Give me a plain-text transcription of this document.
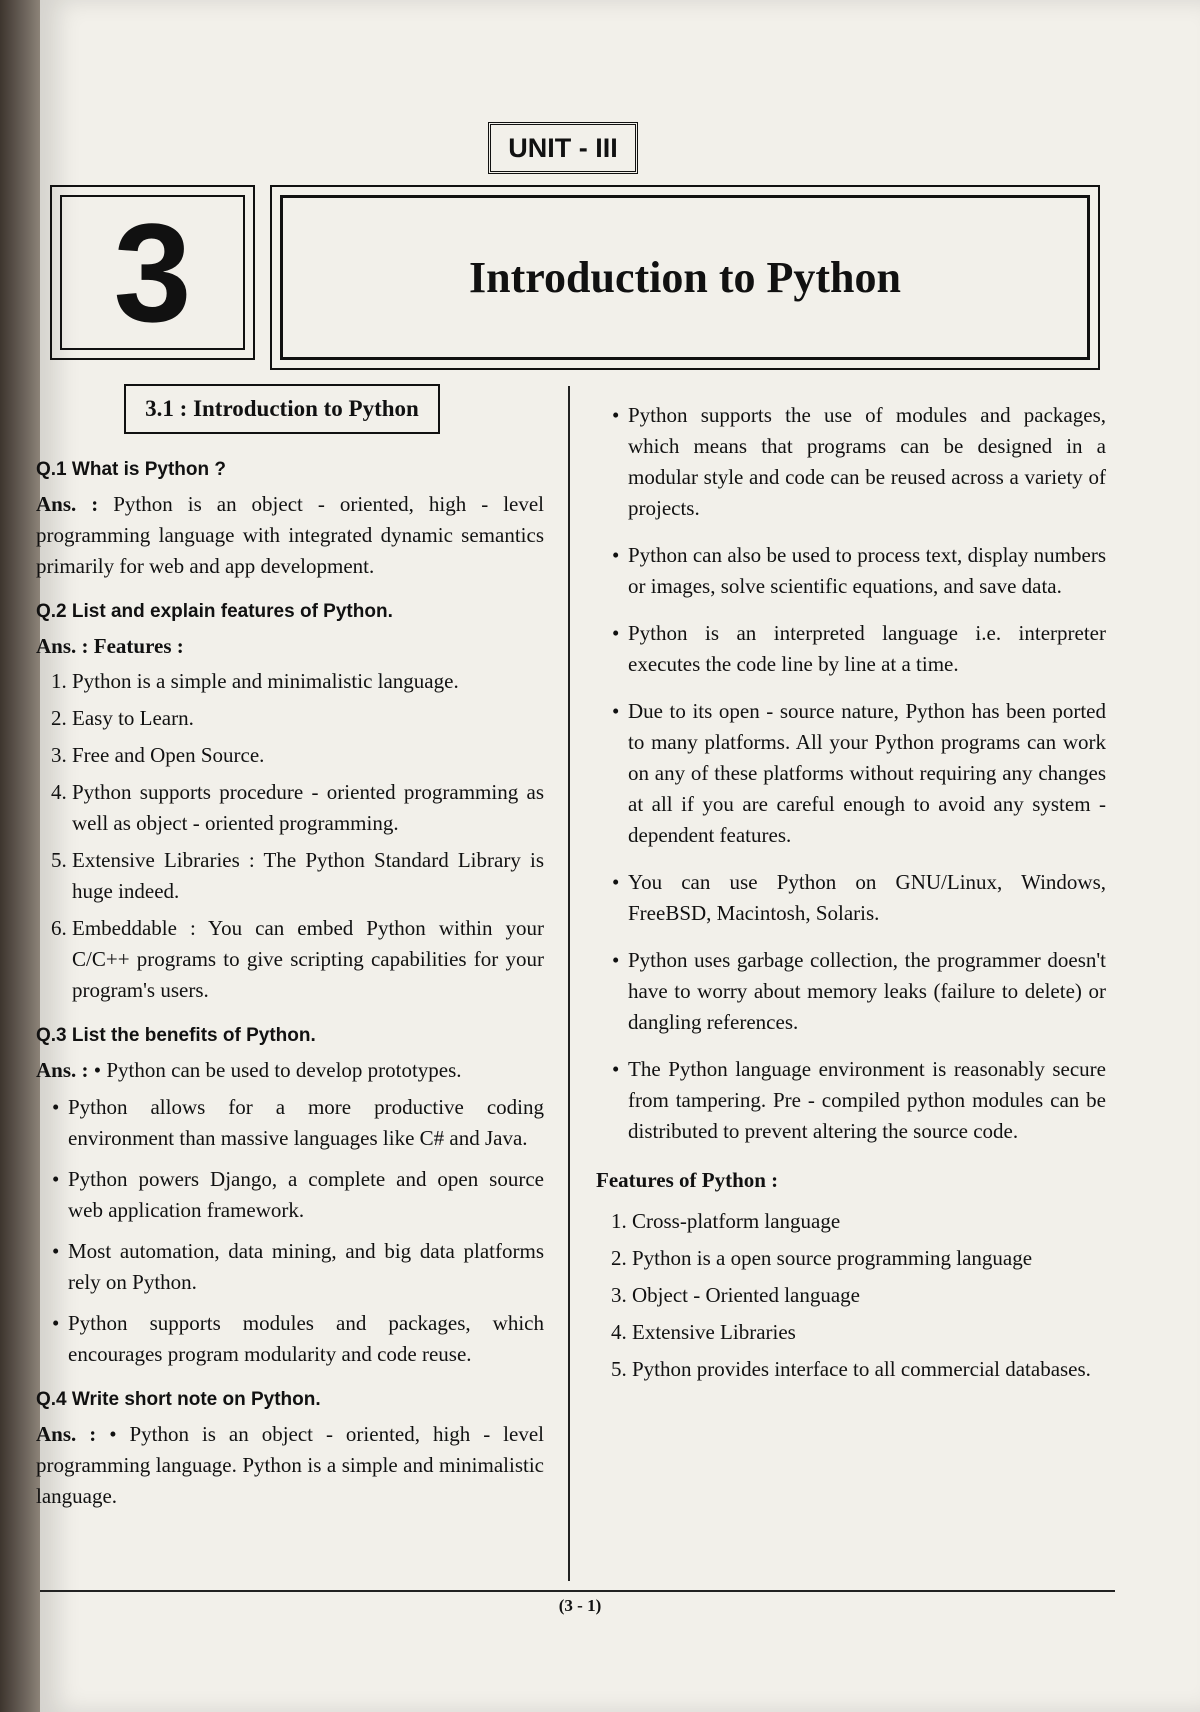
UNIT - III
3	Introduction to Python
3.1 : Introduction to Python
Q.1 What is Python ?

Ans. : Python is an object - oriented, high - level programming language with integrated dynamic semantics primarily for web and app development.

Q.2 List and explain features of Python.
Ans. : Features :
1. Python is a simple and minimalistic language.
2. Easy to Learn.
3. Free and Open Source.
4. Python supports procedure - oriented programming as well as object - oriented programming.
5. Extensive Libraries : The Python Standard Library is huge indeed.
6. Embeddable : You can embed Python within your C/C++ programs to give scripting capabilities for your program's users.
Q.3 List the benefits of Python.

Ans. : • Python can be used to develop prototypes.

• Python allows for a more productive coding environment than massive languages like C# and Java.
• Python powers Django, a complete and open source web application framework.
• Most automation, data mining, and big data platforms rely on Python.
• Python supports modules and packages, which encourages program modularity and code reuse.
Q.4 Write short note on Python.

Ans. : • Python is an object - oriented, high - level programming language. Python is a simple and minimalistic language.

• Python supports the use of modules and packages, which means that programs can be designed in a modular style and code can be reused across a variety of projects.
• Python can also be used to process text, display numbers or images, solve scientific equations, and save data.
• Python is an interpreted language i.e. interpreter executes the code line by line at a time.
• Due to its open - source nature, Python has been ported to many platforms. All your Python programs can work on any of these platforms without requiring any changes at all if you are careful enough to avoid any system - dependent features.
• You can use Python on GNU/Linux, Windows, FreeBSD, Macintosh, Solaris.
• Python uses garbage collection, the programmer doesn't have to worry about memory leaks (failure to delete) or dangling references.
• The Python language environment is reasonably secure from tampering. Pre - compiled python modules can be distributed to prevent altering the source code.
Features of Python :
1. Cross-platform language
2. Python is a open source programming language
3. Object - Oriented language
4. Extensive Libraries
5. Python provides interface to all commercial databases.
(3 - 1)
